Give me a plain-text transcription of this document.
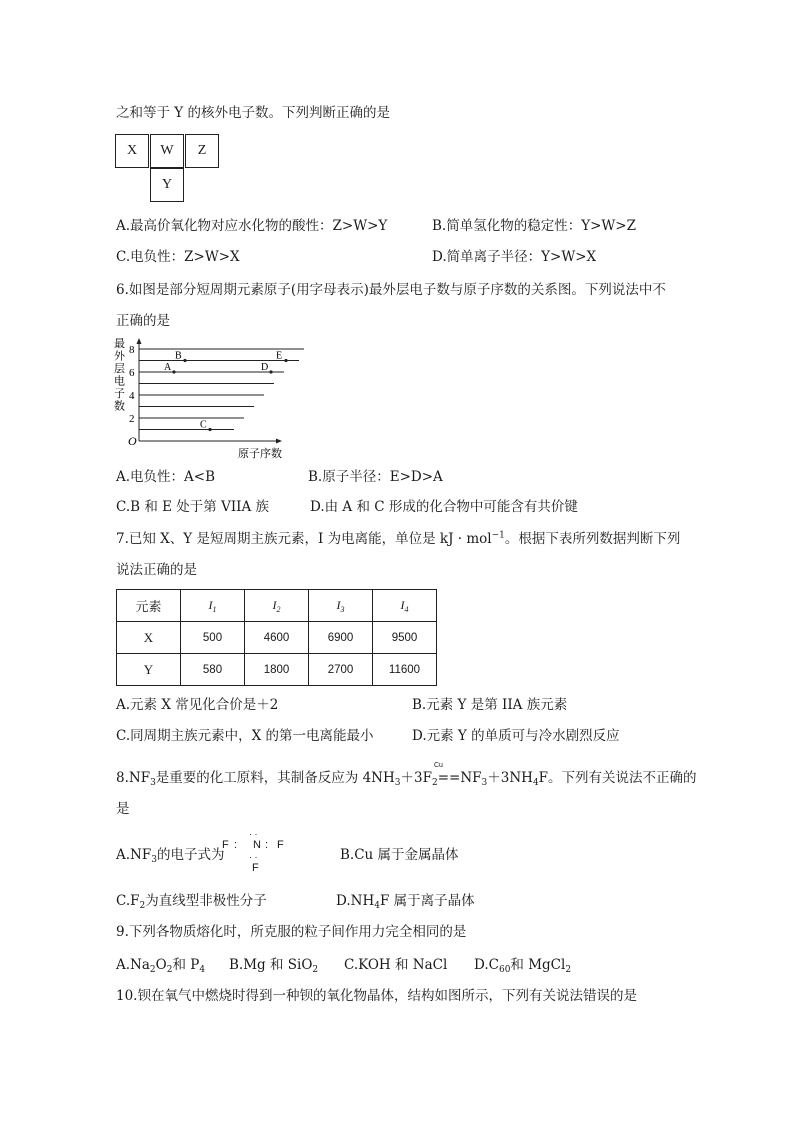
之和等于 Y 的核外电子数。下列判断正确的是
X	W	Z
Y
A.最高价氧化物对应水化物的酸性：Z>W>Y	B.简单氢化物的稳定性：Y>W>Z
C.电负性：Z>W>X	D.简单离子半径：Y>W>X
6.如图是部分短周期元素原子(用字母表示)最外层电子数与原子序数的关系图。下列说法中不
正确的是
8
6
4
2
A
B
C
D
E
O
原子序数
最
外
层
电
子
数
A.电负性：A<B	B.原子半径：E>D>A
C.B 和 E 处于第 VIIA 族	D.由 A 和 C 形成的化合物中可能含有共价键
7.已知 X、Y 是短周期主族元素，I 为电离能，单位是 kJ · mol$^{-1}$。根据下表所列数据判断下列
说法正确的是
元素	$I_1$	$I_2$	$I_3$	$I_4$
X	500	4600	6900	9500
Y	580	1800	2700	11600
A.元素 X 常见化合价是＋2	B.元素 Y 是第 IIA 族元素
C.同周期主族元素中，X 的第一电离能最小	D.元素 Y 的单质可与冷水剧烈反应
Cu
$8.NF_3$是重要的化工原料，其制备反应为 $4NH_3+3F_2==NF_3+3NH_4F$。下列有关说法不正确的
是
$A.NF_3$的电子式为
F :
· ·
N : F
· ·
F
B.Cu 属于金属晶体
$C.F_2$为直线型非极性分子	$D.NH_4F$ 属于离子晶体
9.下列各物质熔化时，所克服的粒子间作用力完全相同的是
$A.Na_2O_2$和 $P_4$ B.Mg 和 SiO$_2$ C.KOH 和 NaCl $D.C_{60}$和 MgCl$_2$
10.钡在氧气中燃烧时得到一种钡的氧化物晶体，结构如图所示，下列有关说法错误的是
